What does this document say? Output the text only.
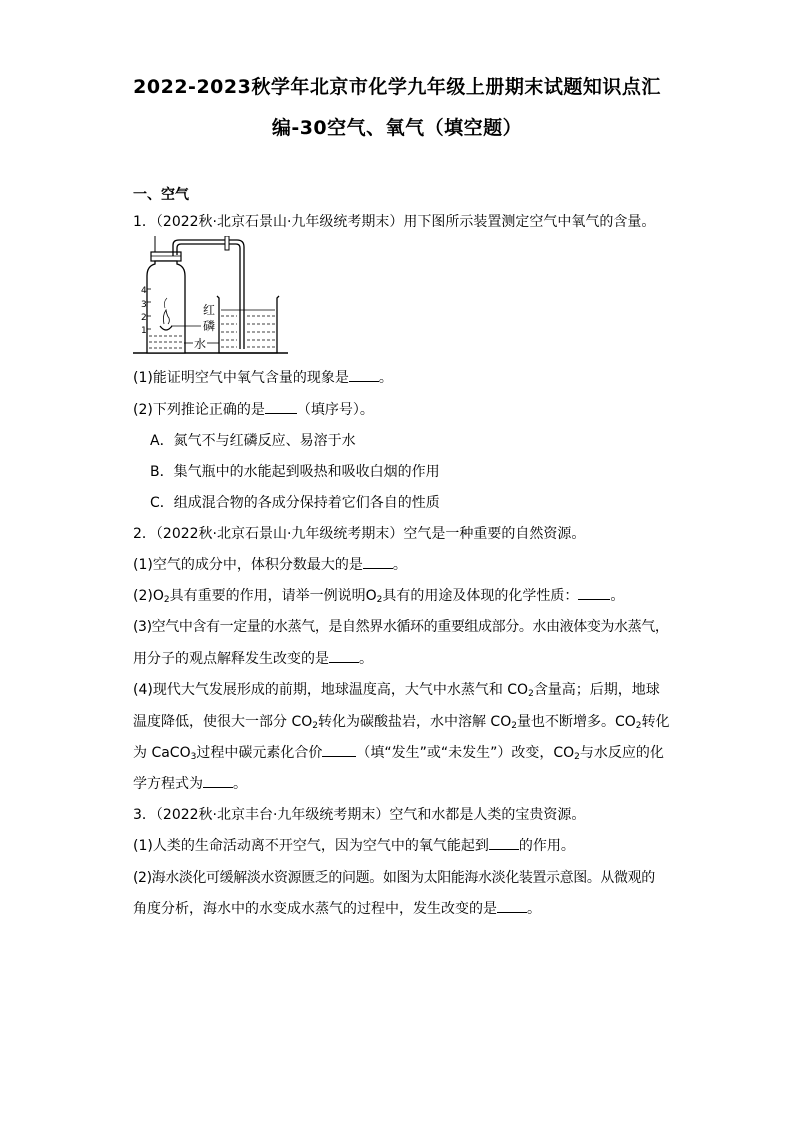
2022-2023秋学年北京市化学九年级上册期末试题知识点汇
编-30空气、氧气（填空题）
一、空气
1．（2022秋·北京石景山·九年级统考期末）用下图所示装置测定空气中氧气的含量。
4
3
2
1
红
磷
水
(1)能证明空气中氧气含量的现象是 。
(2)下列推论正确的是 （填序号）。
A．氮气不与红磷反应、易溶于水
B．集气瓶中的水能起到吸热和吸收白烟的作用
C．组成混合物的各成分保持着它们各自的性质
2．（2022秋·北京石景山·九年级统考期末）空气是一种重要的自然资源。
(1)空气的成分中，体积分数最大的是 。
$(2)O_2$具有重要的作用，请举一例说明$O_2$具有的用途及体现的化学性质： 。
(3)空气中含有一定量的水蒸气，是自然界水循环的重要组成部分。水由液体变为水蒸气，
用分子的观点解释发生改变的是 。
(4)现代大气发展形成的前期，地球温度高，大气中水蒸气和 $CO_2$含量高；后期，地球
温度降低，使很大一部分 $CO_2$转化为碳酸盐岩，水中溶解 $CO_2$量也不断增多。$CO_2$转化
为 CaCO$_3$过程中碳元素化合价 （填“发生”或“未发生”）改变，$CO_2$与水反应的化
学方程式为 。
3．（2022秋·北京丰台·九年级统考期末）空气和水都是人类的宝贵资源。
(1)人类的生命活动离不开空气，因为空气中的氧气能起到 的作用。
(2)海水淡化可缓解淡水资源匮乏的问题。如图为太阳能海水淡化装置示意图。从微观的
角度分析，海水中的水变成水蒸气的过程中，发生改变的是 。
